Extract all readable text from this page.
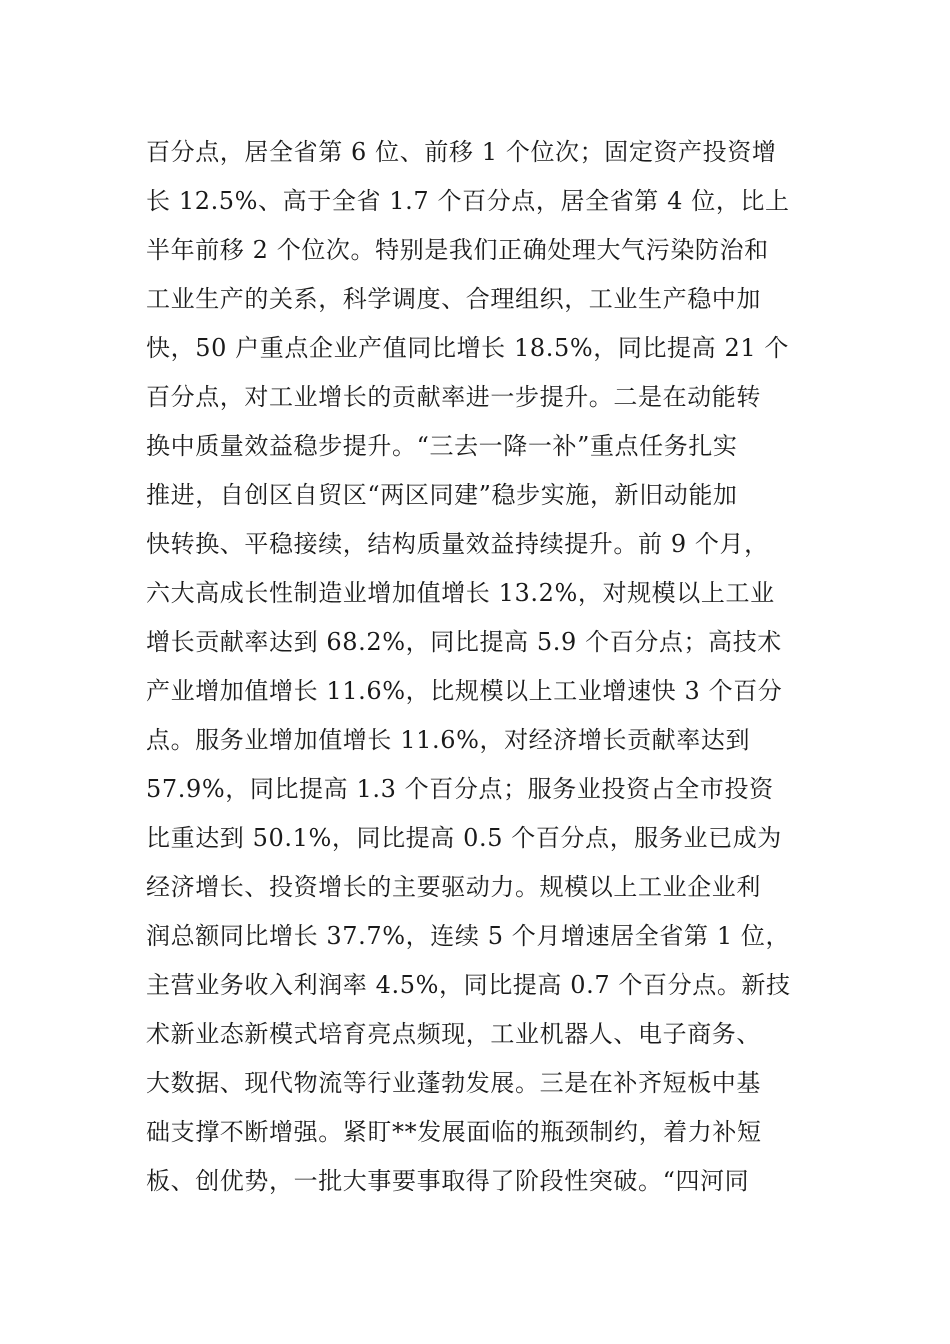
百分点，居全省第 6 位、前移 1 个位次；固定资产投资增
长 12.5%、高于全省 1.7 个百分点，居全省第 4 位，比上
半年前移 2 个位次。特别是我们正确处理大气污染防治和
工业生产的关系，科学调度、合理组织，工业生产稳中加
快，50 户重点企业产值同比增长 18.5%，同比提高 21 个
百分点，对工业增长的贡献率进一步提升。二是在动能转
换中质量效益稳步提升。“三去一降一补”重点任务扎实
推进，自创区自贸区“两区同建”稳步实施，新旧动能加
快转换、平稳接续，结构质量效益持续提升。前 9 个月，
六大高成长性制造业增加值增长 13.2%，对规模以上工业
增长贡献率达到 68.2%，同比提高 5.9 个百分点；高技术
产业增加值增长 11.6%，比规模以上工业增速快 3 个百分
点。服务业增加值增长 11.6%，对经济增长贡献率达到
57.9%，同比提高 1.3 个百分点；服务业投资占全市投资
比重达到 50.1%，同比提高 0.5 个百分点，服务业已成为
经济增长、投资增长的主要驱动力。规模以上工业企业利
润总额同比增长 37.7%，连续 5 个月增速居全省第 1 位，
主营业务收入利润率 4.5%，同比提高 0.7 个百分点。新技
术新业态新模式培育亮点频现，工业机器人、电子商务、
大数据、现代物流等行业蓬勃发展。三是在补齐短板中基
础支撑不断增强。紧盯**发展面临的瓶颈制约，着力补短
板、创优势，一批大事要事取得了阶段性突破。“四河同
